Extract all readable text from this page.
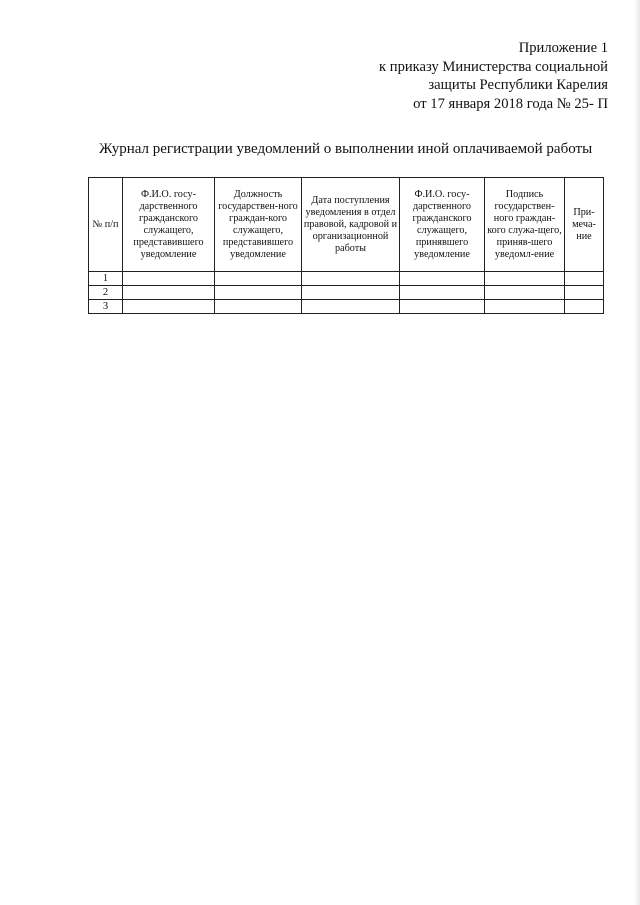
Приложение 1
к приказу Министерства социальной
защиты Республики Карелия
от 17 января 2018 года № 25- П
Журнал регистрации уведомлений о выполнении иной оплачиваемой работы
№ п/п	Ф.И.О. госу-дарственного гражданского служащего, представившего уведомление	Должность государствен-ного граждан-кого служащего, представившего уведомление	Дата поступления уведомления в отдел правовой, кадровой и организационной работы	Ф.И.О. госу-дарственного гражданского служащего, принявшего уведомление	Подпись государствен-ного граждан-кого служа-щего, приняв-шего уведомл-ение	При-меча-ние
1						
2						
3						
